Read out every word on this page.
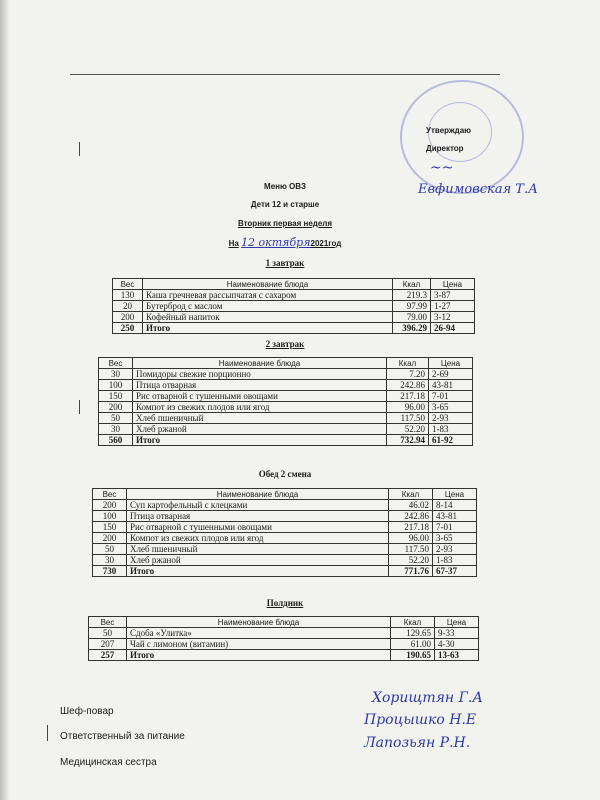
Утверждаю
Директор
~~
Евфимовская Т.А
Меню ОВЗ
Дети 12 и старше
Вторник первая неделя
На 12 октября2021год
1 завтрак
Вес	Наименование блюда	Ккал	Цена
130	Каша гречневая рассыпчатая с сахаром	219.3	3-87
20	Бутерброд с маслом	97.99	1-27
200	Кофейный напиток	79.00	3-12
250	Итого	396.29	26-94
2 завтрак
Вес	Наименование блюда	Ккал	Цена
30	Помидоры свежие порционно	7.20	2-69
100	Птица отварная	242.86	43-81
150	Рис отварной с тушенными овощами	217.18	7-01
200	Компот из свежих плодов или ягод	96.00	3-65
50	Хлеб пшеничный	117.50	2-93
30	Хлеб ржаной	52.20	1-83
560	Итого	732.94	61-92
Обед 2 смена
Вес	Наименование блюда	Ккал	Цена
200	Суп картофельный с клецками	46.02	8-14
100	Птица отварная	242.86	43-81
150	Рис отварной с тушенными овощами	217.18	7-01
200	Компот из свежих плодов или ягод	96.00	3-65
50	Хлеб пшеничный	117.50	2-93
30	Хлеб ржаной	52.20	1-83
730	Итого	771.76	67-37
Полдник
Вес	Наименование блюда	Ккал	Цена
50	Сдоба «Улитка»	129.65	9-33
207	Чай с лимоном (витамин)	61.00	4-30
257	Итого	190.65	13-63
Шеф-повар
Ответственный за питание
Медицинская сестра
Хорищтян Г.А
Процышко Н.Е
Лапозьян Р.Н.
